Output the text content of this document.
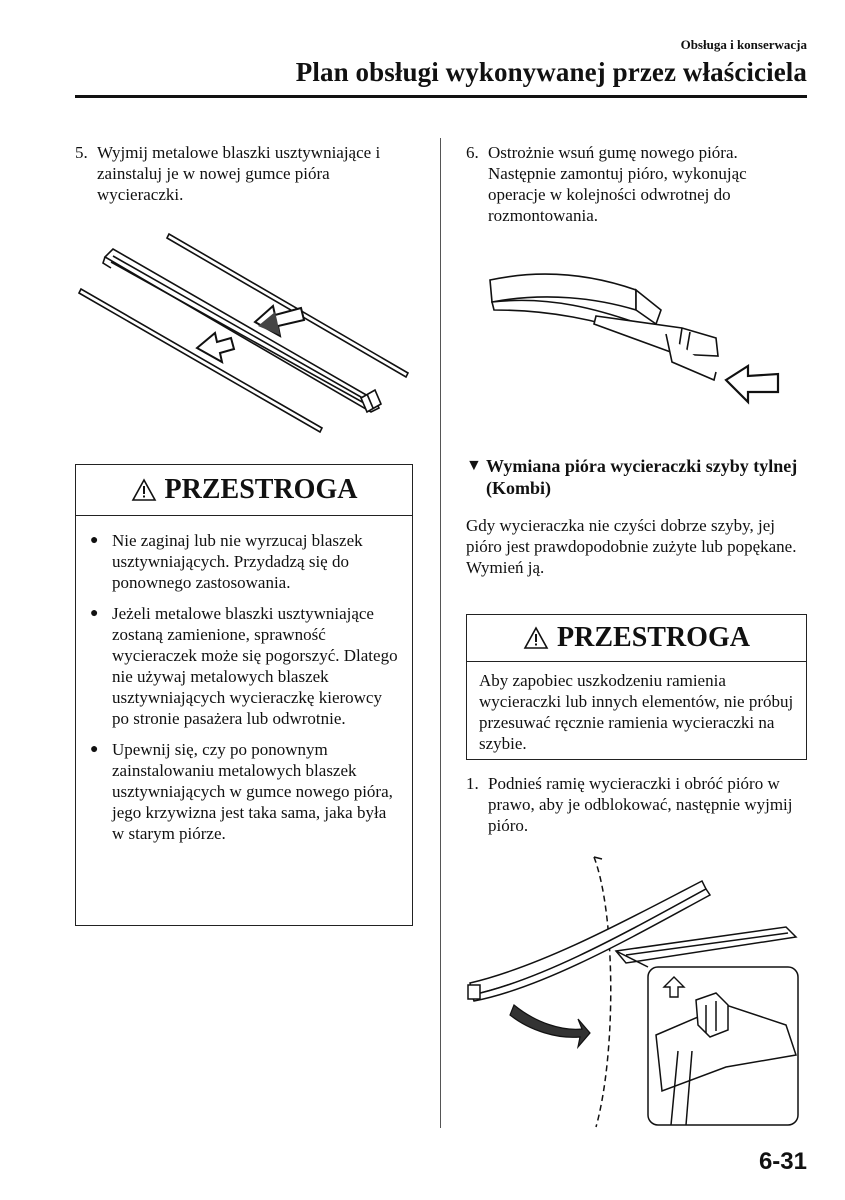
Obsługa i konserwacja
Plan obsługi wykonywanej przez właściciela
5. Wyjmij metalowe blaszki usztywniające i zainstaluj je w nowej gumce pióra wycieraczki.
PRZESTROGA
● Nie zaginaj lub nie wyrzucaj blaszek usztywniających. Przydadzą się do ponownego zastosowania.
● Jeżeli metalowe blaszki usztywniające zostaną zamienione, sprawność wycieraczek może się pogorszyć. Dlatego nie używaj metalowych blaszek usztywniających wycieraczkę kierowcy po stronie pasażera lub odwrotnie.
● Upewnij się, czy po ponownym zainstalowaniu metalowych blaszek usztywniających w gumce nowego pióra, jego krzywizna jest taka sama, jaka była w starym piórze.
6. Ostrożnie wsuń gumę nowego pióra. Następnie zamontuj pióro, wykonując operacje w kolejności odwrotnej do rozmontowania.
▼ Wymiana pióra wycieraczki szyby tylnej (Kombi)
Gdy wycieraczka nie czyści dobrze szyby, jej pióro jest prawdopodobnie zużyte lub popękane.
Wymień ją.
PRZESTROGA
Aby zapobiec uszkodzeniu ramienia wycieraczki lub innych elementów, nie próbuj przesuwać ręcznie ramienia wycieraczki na szybie.
1. Podnieś ramię wycieraczki i obróć pióro w prawo, aby je odblokować, następnie wyjmij pióro.
6-31
